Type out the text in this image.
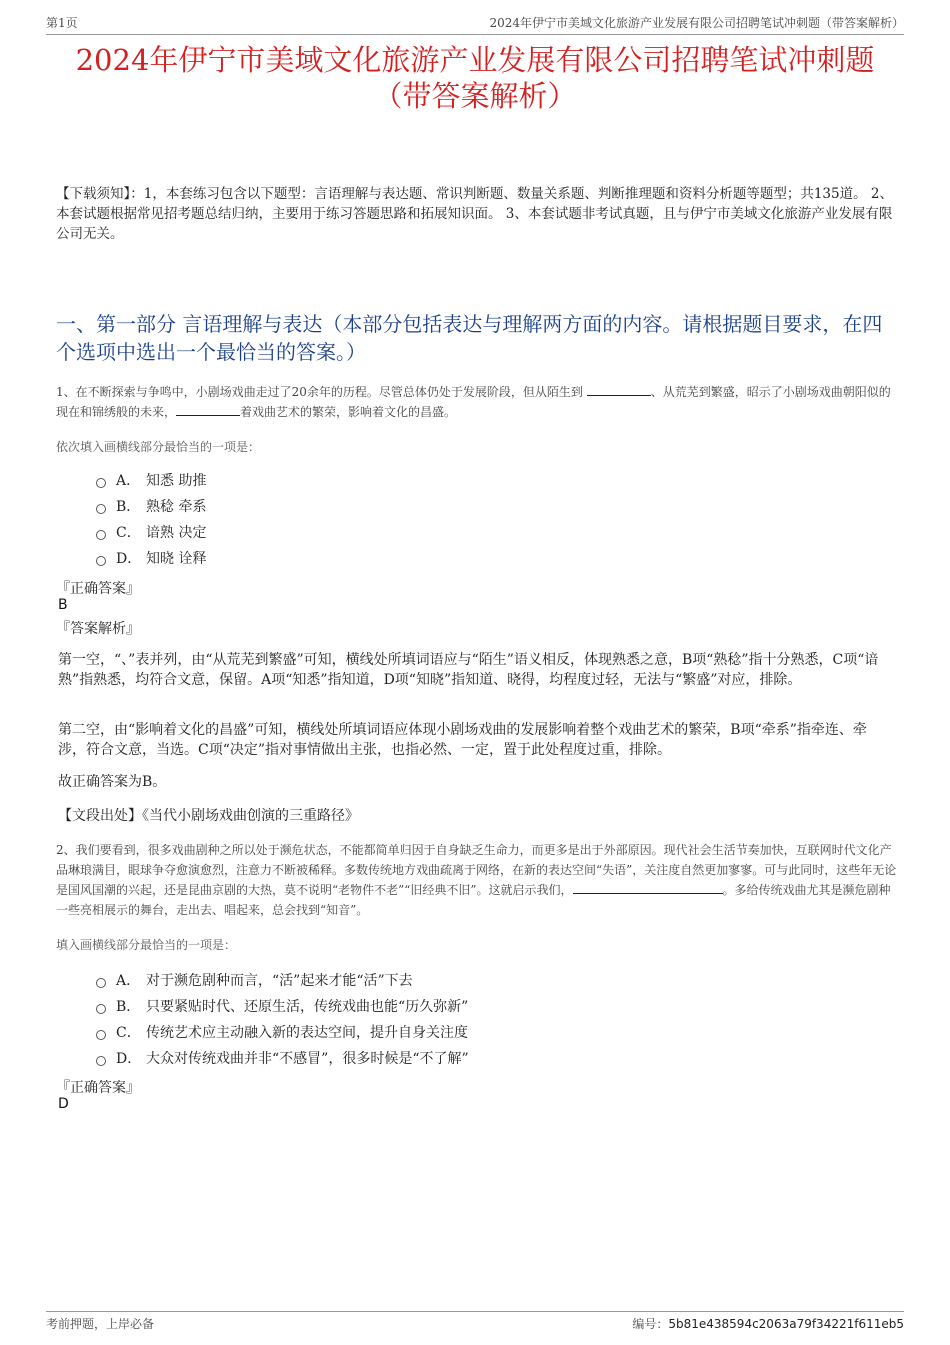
第1页	2024年伊宁市美域文化旅游产业发展有限公司招聘笔试冲刺题（带答案解析）
2024年伊宁市美域文化旅游产业发展有限公司招聘笔试冲刺题
（带答案解析）
【下载须知】：1，本套练习包含以下题型：言语理解与表达题、常识判断题、数量关系题、判断推理题和资料分析题等题型；共135道。 2、本套试题根据常见招考题总结归纳，主要用于练习答题思路和拓展知识面。 3、本套试题非考试真题，且与伊宁市美域文化旅游产业发展有限公司无关。
一、第一部分 言语理解与表达（本部分包括表达与理解两方面的内容。请根据题目要求，在四个选项中选出一个最恰当的答案。）
1、在不断探索与争鸣中，小剧场戏曲走过了20余年的历程。尽管总体仍处于发展阶段，但从陌生到	、从荒芜到繁盛，昭示了小剧场戏曲朝阳似的现在和锦绣般的未来，	着戏曲艺术的繁荣，影响着文化的昌盛。
依次填入画横线部分最恰当的一项是：
A． 知悉 助推
B． 熟稔 牵系
C． 谙熟 决定
D． 知晓 诠释
『正确答案』
B
『答案解析』
第一空，“、”表并列，由“从荒芜到繁盛”可知，横线处所填词语应与“陌生”语义相反，体现熟悉之意，B项“熟稔”指十分熟悉，C项“谙熟”指熟悉，均符合文意，保留。A项“知悉”指知道，D项“知晓”指知道、晓得，均程度过轻，无法与“繁盛”对应，排除。
第二空，由“影响着文化的昌盛”可知，横线处所填词语应体现小剧场戏曲的发展影响着整个戏曲艺术的繁荣，B项“牵系”指牵连、牵涉，符合文意，当选。C项“决定”指对事情做出主张，也指必然、一定，置于此处程度过重，排除。
故正确答案为B。
【文段出处】《当代小剧场戏曲创演的三重路径》
2、我们要看到，很多戏曲剧种之所以处于濒危状态，不能都简单归因于自身缺乏生命力，而更多是出于外部原因。现代社会生活节奏加快，互联网时代文化产品琳琅满目，眼球争夺愈演愈烈，注意力不断被稀释。多数传统地方戏曲疏离于网络，在新的表达空间“失语”，关注度自然更加寥寥。可与此同时，这些年无论是国风国潮的兴起，还是昆曲京剧的大热，莫不说明“老物件不老”“旧经典不旧”。这就启示我们，	。多给传统戏曲尤其是濒危剧种一些亮相展示的舞台，走出去、唱起来，总会找到“知音”。
填入画横线部分最恰当的一项是：
A． 对于濒危剧种而言，“活”起来才能“活”下去
B． 只要紧贴时代、还原生活，传统戏曲也能“历久弥新”
C． 传统艺术应主动融入新的表达空间，提升自身关注度
D． 大众对传统戏曲并非“不感冒”，很多时候是“不了解”
『正确答案』
D
考前押题，上岸必备	编号：5b81e438594c2063a79f34221f611eb5
